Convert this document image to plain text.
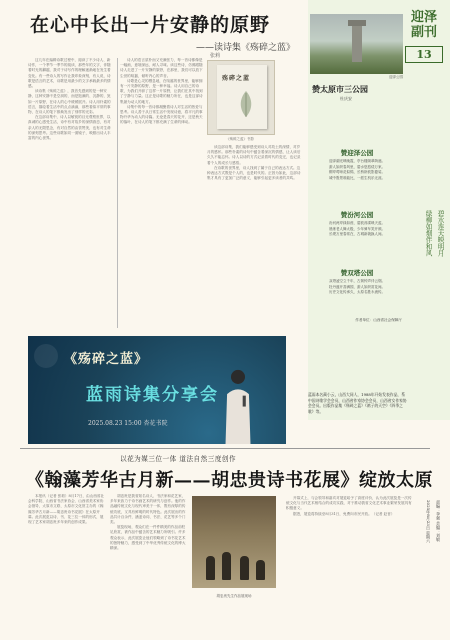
在心中长出一片安静的原野
——读诗集《殇碎之蓝》
张莉

这几年在编辑诗歌过程中，阅读了不少诗人、新诗作，一个季节一季节的阅读，那些年的文字，伴随着时光的翻越，我对于诗写作的理解逐渐地在发生着变化。有一些诗人的写作让我印象深刻，有人说，诗歌是语言的艺术，诗歌是用最少的文字承载最多的情感。

读诗集《殇碎之蓝》，我首先感到的是一种安静，这种安静不是空洞的，而是饱满的、沉静的，犹如一片原野，在诗人的心中缓缓展开。诗人用朴素的语言，描绘着生活中的点点滴滴，那些看似平常的事物，在诗人的笔下都焕发出了别样的光彩。

在这部诗集中，诗人以敏锐的目光观察世界，以真诚的心感受生活，诗中有对故乡的深情眷恋，有对亲人的无限思念，有对自然的由衷赞美，也有对生命的深刻思考。这些诗歌如同一面镜子，映照出诗人丰富的内心世界。

诗人的语言质朴而又充满张力，每一首诗都像是一幅画，意境深远，耐人寻味。读这些诗，仿佛跟随诗人走进了一片安静的原野，在那里，我们可以放下尘世的喧嚣，倾听内心的声音。

诗歌是心灵的栖息地，在喧嚣的世界里，能够拥有一片安静的原野，是一种幸福。诗人用自己的诗歌，为我们开辟了这样一片原野，让我们在其中找到了宁静与力量。这正是诗歌的魅力所在，也是这部诗集最为动人的地方。

诗集中的每一首诗都凝聚着诗人对生活的热爱与思考。诗人善于从日常生活中发现诗意，将平凡的事物升华为动人的诗篇。无论是春天的花开，还是秋天的落叶，在诗人的笔下都充满了生命的律动。

殇碎之蓝
《殇碎之蓝》书影

读这部诗集，我们能够感受到诗人对故土的深情，对岁月的感怀。那些朴素的诗句中蕴含着深沉的情感，让人读后久久不能忘怀。诗人以诗的方式记录着时代的变迁，也记录着个人的成长与感悟。

在诗歌的世界里，诗人找到了属于自己的表达方式。这种表达方式既是个人的，也是时代的。正因为如此，这部诗集才具有了更加广泛的意义，能够引起更多读者的共鸣。

迎泽公园
迎泽副刊
13
赞太原市三公园
杜庆安
赞迎泽公园
迎泽湖光映晚霞，亭台楼阁翠荫遮。
游人如织春风里，碧水悠悠绕万家。
柳岸莺啼花似锦，长桥卧波影婆娑。
城中胜景谁能比，一派生机乐无涯。
赞汾河公园
汾河两岸绿如茵，碧波荡漾映天蓝。
晨练老人舞太极，少年骑车笑开颜。
长堤万里春常在，古城新貌换人间。
赞双塔公园
双塔凌空立千年，古刹钟声伴云烟。
牡丹盛开香满园，游人如织赏花间。
历史文化传承久，太原名胜永流传。
碧水连天映明月
绿柳如烟伴和风
作者单位：山西省社会保障厅
《殇碎之蓝》
蓝雨诗集分享会
2025.08.23 15:00 杏花书院
蓝雨本名蔺小云，山西大同人，1988年开始发表作品，系中国诗歌学会会员，山西省作家协会会员，山西省女作家协会会员。出版作品集《殇碎之蓝》《鸽子的天空》《四季之歌》等。
以花为媒三位一体 道法自然三度创作
《翰藻芳华古月新——胡忠贵诗书花展》绽放太原

本报讯（记者 张莉）8月17日，由山西省社会科学院、山西省书法家协会、山西省美术家协会指导，太原市文联、太原市文化馆主办的《翰藻芳华古月新——胡忠贵诗书花展》在太原开幕。此次展览以诗、书、花三位一体的形式，展现了艺术家胡忠贵多年来的创作成果。

胡忠贵是我省知名诗人、书法家和花艺家，多年来致力于诗书画艺术的研究与创作。他的作品融传统文化与现代审美于一体，既有深厚的传统功底，又具有鲜明的时代特色。此次展出的作品共计百余件，涵盖诗词、书法、花艺等多个门类。

展览现场，观众们在一件件精美的作品前驻足欣赏，被作品中蕴含的艺术魅力所吸引。许多观众表示，此次展览让他们领略到了诗书花艺术的独特魅力，感受到了中华优秀传统文化的博大精深。

胡忠贵先生作品展现场

开幕式上，与会领导和嘉宾对展览给予了高度评价，认为此次展览是一次传统文化与当代艺术相结合的成功实践，对于推动我省文化艺术事业繁荣发展具有积极意义。

据悉，展览将持续至8月31日，免费向市民开放。（记者 赵晋）	责编：李强 美编：刘敏
2025年8月23日 星期六
